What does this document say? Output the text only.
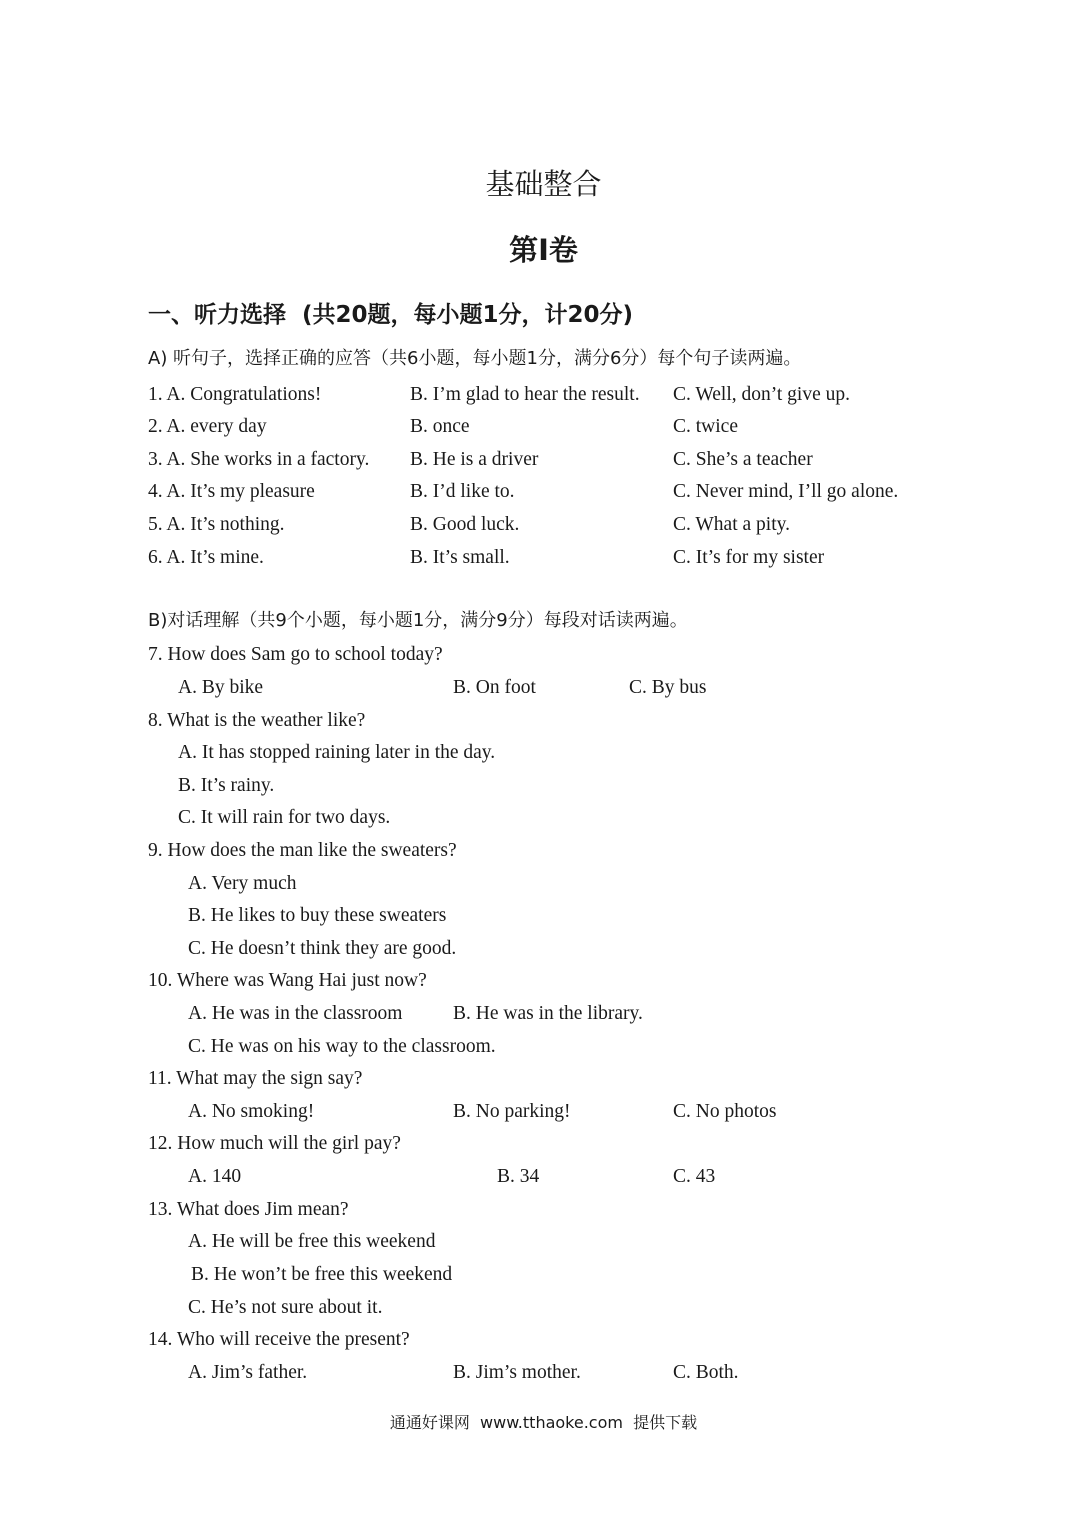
基础整合
第I卷
一、听力选择  (共20题，每小题1分，计20分)
A) 听句子，选择正确的应答（共6小题，每小题1分，满分6分）每个句子读两遍。
1. A. Congratulations!	B. I’m glad to hear the result. C. Well, don’t give up.
2. A. every day	B. once	C. twice
3. A. She works in a factory. B. He is a driver	C. She’s a teacher
4. A. It’s my pleasure	B. I’d like to.	C. Never mind, I’ll go alone.
5. A. It’s nothing.	B. Good luck.	C. What a pity.
6. A. It’s mine.	B. It’s small.	C. It’s for my sister
B)对话理解（共9个小题，每小题1分，满分9分）每段对话读两遍。
7. How does Sam go to school today?
A. By bike	B. On foot	C. By bus
8. What is the weather like?
A. It has stopped raining later in the day.
B. It’s rainy.
C. It will rain for two days.
9. How does the man like the sweaters?
A. Very much
B. He likes to buy these sweaters
C. He doesn’t think they are good.
10. Where was Wang Hai just now?
A. He was in the classroom	B. He was in the library.
C. He was on his way to the classroom.
11. What may the sign say?
A. No smoking!	B. No parking!	C. No photos
12. How much will the girl pay?
A. 140	B. 34	C. 43
13. What does Jim mean?
A. He will be free this weekend
B. He won’t be free this weekend
C. He’s not sure about it.
14. Who will receive the present?
A. Jim’s father.	B. Jim’s mother.	C. Both.
通通好课网  www.tthaoke.com  提供下载
